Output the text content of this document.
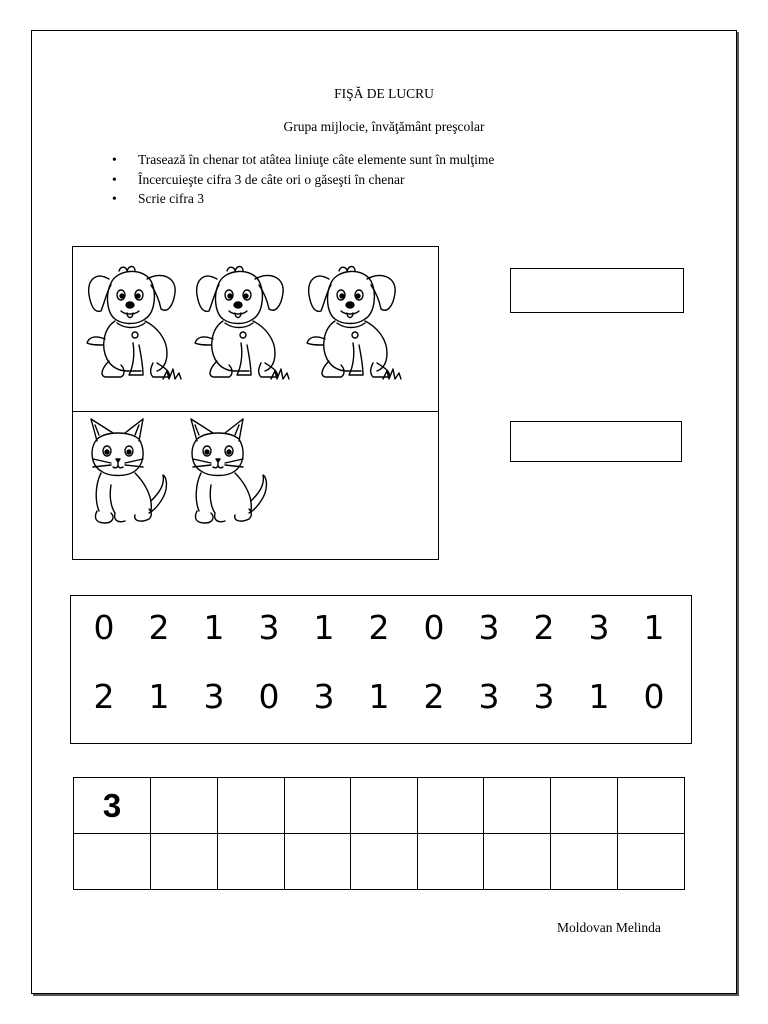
FIŞĂ DE LUCRU
Grupa mijlocie, învăţământ preşcolar
• Trasează în chenar tot atâtea liniuţe câte elemente sunt în mulţime
• Încercuieşte cifra 3 de câte ori o găseşti în chenar
• Scrie cifra 3
0 2 1 3 1 2 0 3 2 3 1
2 1 3 0 3 1 2 3 3 1 0
3								

Moldovan Melinda
